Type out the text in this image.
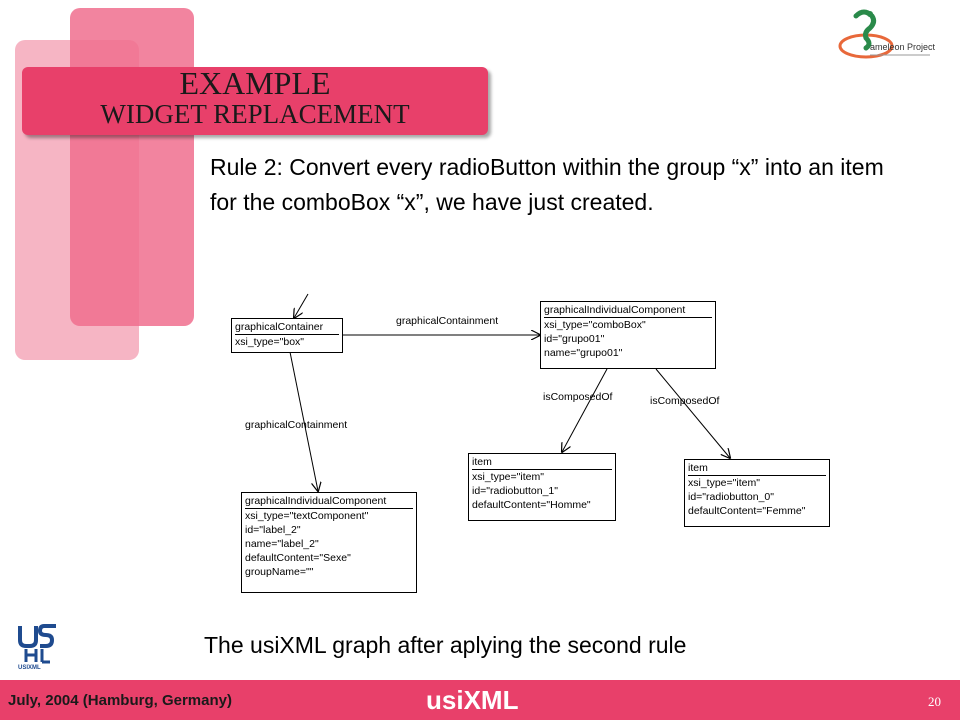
EXAMPLE
WIDGET REPLACEMENT
ameleon Project
Rule 2: Convert every radioButton within the group “x” into an item for the comboBox “x”, we have just created.
graphicalContainer
xsi_type="box"
graphicalIndividualComponent
xsi_type="comboBox"
id="grupo01"
name="grupo01"
graphicalIndividualComponent
xsi_type="textComponent"
id="label_2"
name="label_2"
defaultContent="Sexe"
groupName=""
item
xsi_type="item"
id="radiobutton_1"
defaultContent="Homme"
item
xsi_type="item"
id="radiobutton_0"
defaultContent="Femme"
graphicalContainment
graphicalContainment
isComposedOf	isComposedOf
USIXML
The usiXML graph after aplying the second rule
July, 2004 (Hamburg, Germany)	usiXML	20
